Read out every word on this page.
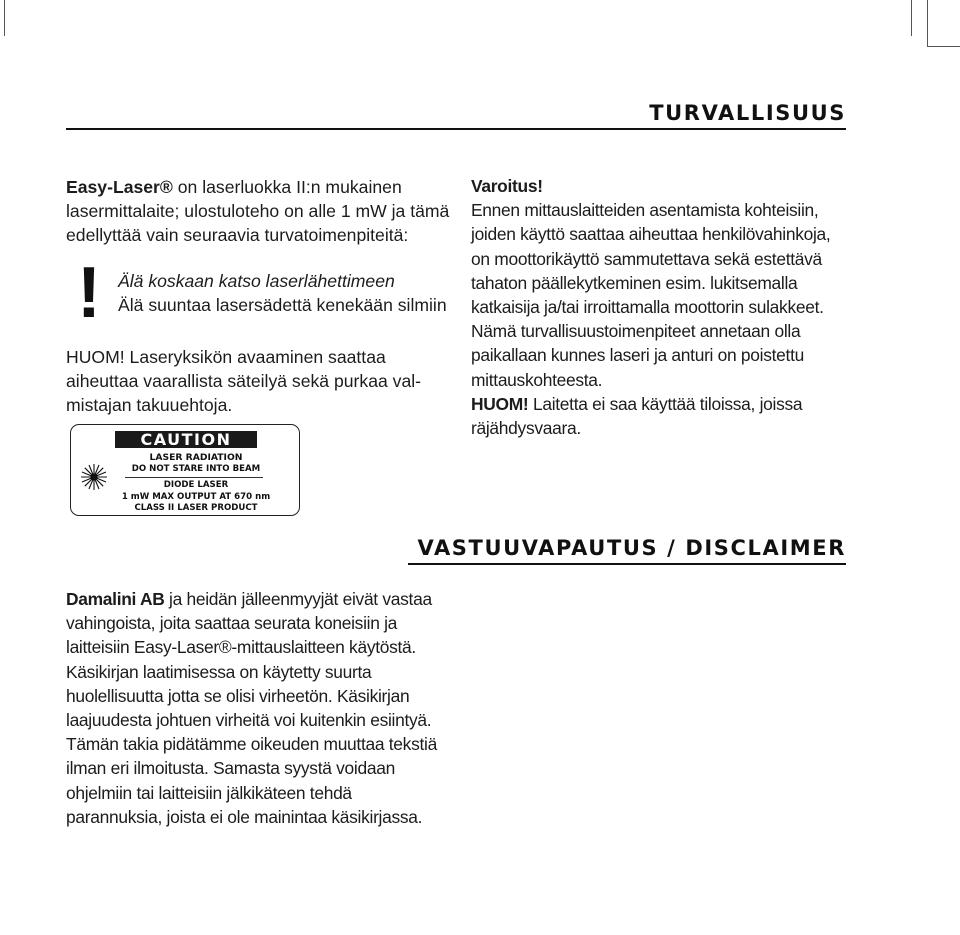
TURVALLISUUS

Easy-Laser® on laserluokka II:n mukainen

lasermittalaite; ulostuloteho on alle 1 mW ja tämä

edellyttää vain seuraavia turvatoimenpiteitä:

! Älä koskaan katso laserlähettimeen

Älä suuntaa lasersädettä kenekään silmiin

HUOM! Laseryksikön avaaminen saattaa

aiheuttaa vaarallista säteilyä sekä purkaa val-

mistajan takuuehtoja.

CAUTION
LASER RADIATION
DO NOT STARE INTO BEAM
DIODE LASER
1 mW MAX OUTPUT AT 670 nm
CLASS II LASER PRODUCT

Varoitus!

Ennen mittauslaitteiden asentamista kohteisiin,

joiden käyttö saattaa aiheuttaa henkilövahinkoja,

on moottorikäyttö sammutettava sekä estettävä

tahaton päällekytkeminen esim. lukitsemalla

katkaisija ja/tai irroittamalla moottorin sulakkeet.

Nämä turvallisuustoimenpiteet annetaan olla

paikallaan kunnes laseri ja anturi on poistettu

mittauskohteesta.

HUOM! Laitetta ei saa käyttää tiloissa, joissa

räjähdysvaara.

VASTUUVAPAUTUS / DISCLAIMER

Damalini AB ja heidän jälleenmyyjät eivät vastaa

vahingoista, joita saattaa seurata koneisiin ja

laitteisiin Easy-Laser®-mittauslaitteen käytöstä.

Käsikirjan laatimisessa on käytetty suurta

huolellisuutta jotta se olisi virheetön. Käsikirjan

laajuudesta johtuen virheitä voi kuitenkin esiintyä.

Tämän takia pidätämme oikeuden muuttaa tekstiä

ilman eri ilmoitusta. Samasta syystä voidaan

ohjelmiin tai laitteisiin jälkikäteen tehdä

parannuksia, joista ei ole mainintaa käsikirjassa.
